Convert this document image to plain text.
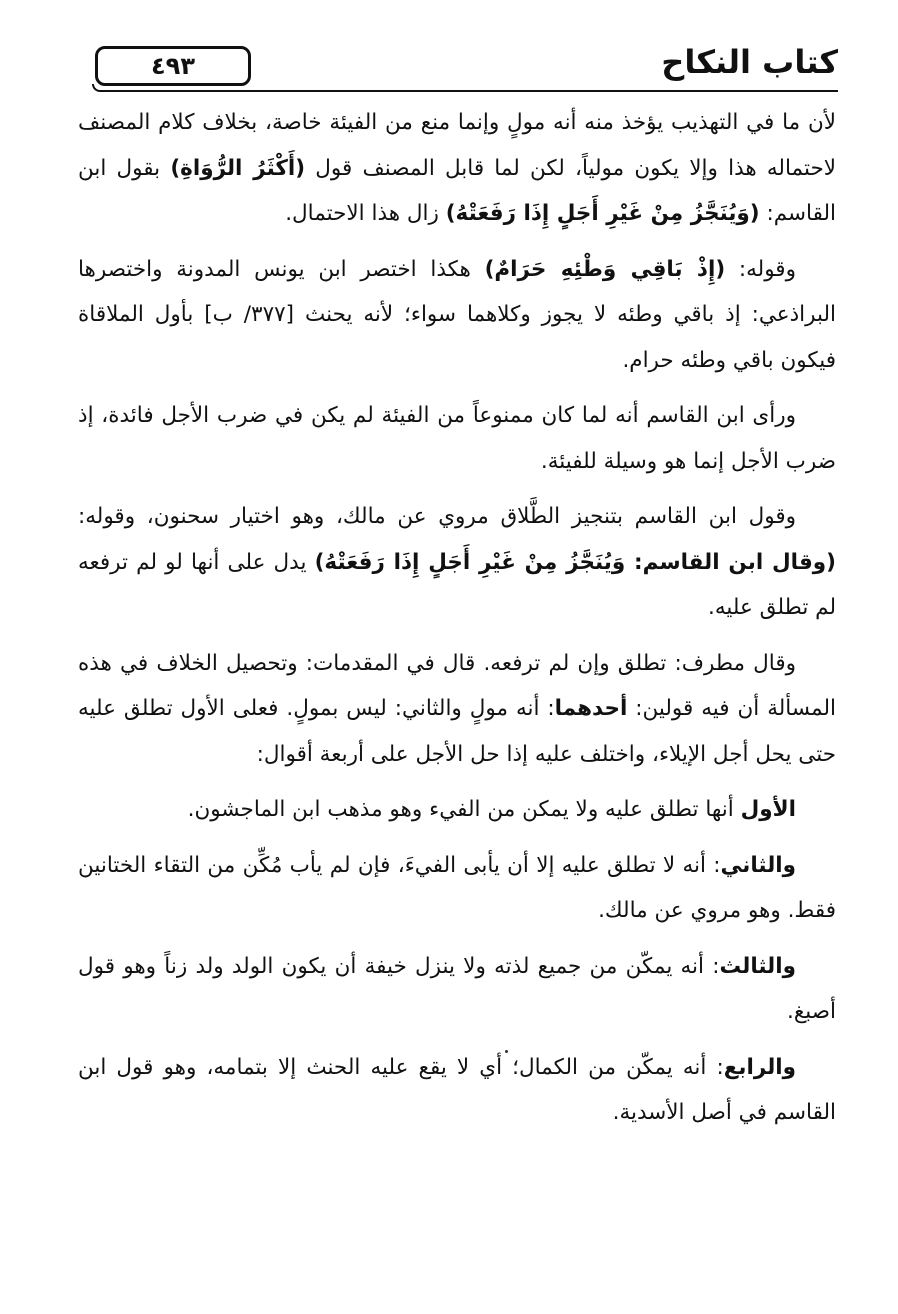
كتاب النكاح
٤٩٣

لأن ما في التهذيب يؤخذ منه أنه مولٍ وإنما منع من الفيئة خاصة، بخلاف كلام المصنف لاحتماله هذا وإلا يكون مولياً، لكن لما قابل المصنف قول (أَكْثَرُ الرُّوَاةِ) بقول ابن القاسم: (وَيُنَجَّزُ مِنْ غَيْرِ أَجَلٍ إِذَا رَفَعَتْهُ) زال هذا الاحتمال.

وقوله: (إِذْ بَاقِي وَطْئِهِ حَرَامٌ) هكذا اختصر ابن يونس المدونة واختصرها البراذعي: إذ باقي وطئه لا يجوز وكلاهما سواء؛ لأنه يحنث [٣٧٧/ ب] بأول الملاقاة فيكون باقي وطئه حرام.

ورأى ابن القاسم أنه لما كان ممنوعاً من الفيئة لم يكن في ضرب الأجل فائدة، إذ ضرب الأجل إنما هو وسيلة للفيئة.

وقول ابن القاسم بتنجيز الطَّلاق مروي عن مالك، وهو اختيار سحنون، وقوله: (وقال ابن القاسم: وَيُنَجَّزُ مِنْ غَيْرِ أَجَلٍ إِذَا رَفَعَتْهُ) يدل على أنها لو لم ترفعه لم تطلق عليه.

وقال مطرف: تطلق وإن لم ترفعه. قال في المقدمات: وتحصيل الخلاف في هذه المسألة أن فيه قولين: أحدهما: أنه مولٍ والثاني: ليس بمولٍ. فعلى الأول تطلق عليه حتى يحل أجل الإيلاء، واختلف عليه إذا حل الأجل على أربعة أقوال:

الأول أنها تطلق عليه ولا يمكن من الفيء وهو مذهب ابن الماجشون.

والثاني: أنه لا تطلق عليه إلا أن يأبى الفيءَ، فإن لم يأب مُكِّن من التقاء الختانين فقط. وهو مروي عن مالك.

والثالث: أنه يمكّن من جميع لذته ولا ينزل خيفة أن يكون الولد ولد زناً وهو قول أصبغ.

والرابع: أنه يمكّن من الكمال؛ أي لا يقع عليه الحنث إلا بتمامه، وهو قول ابن القاسم في أصل الأسدية.
